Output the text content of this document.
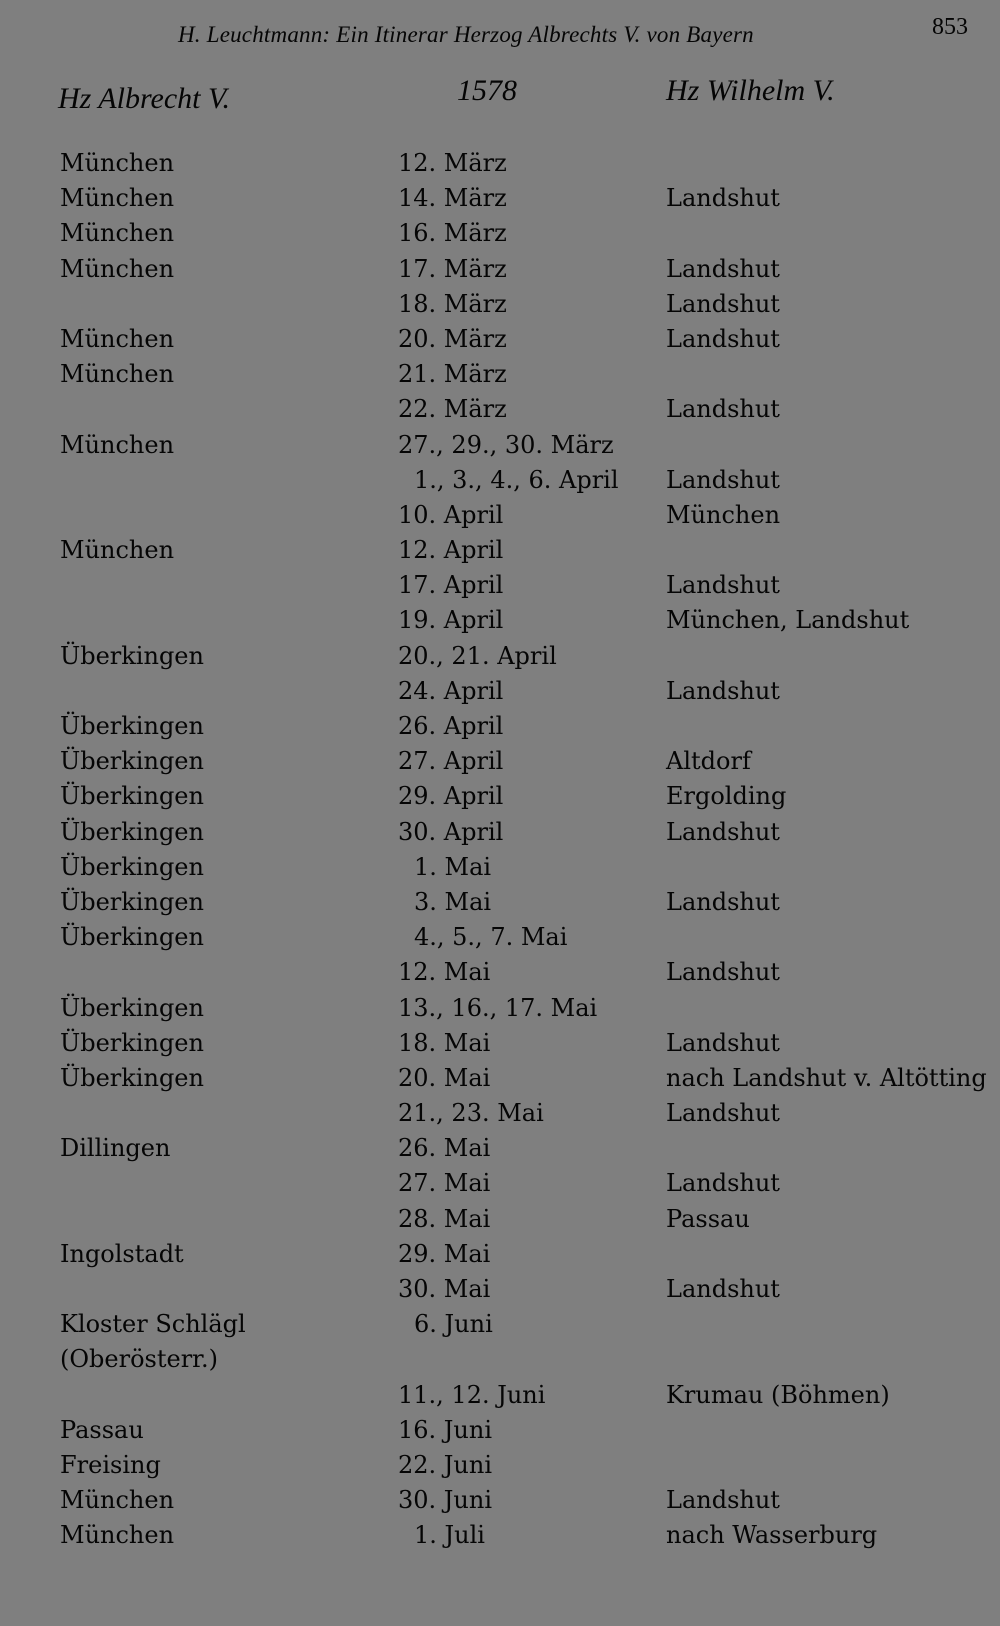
H. Leuchtmann: Ein Itinerar Herzog Albrechts V. von Bayern	853
Hz Albrecht V.	1578	Hz Wilhelm V.
München	12. März
München	14. März	Landshut
München	16. März
München	17. März	Landshut
18. März	Landshut
München	20. März	Landshut
München	21. März
22. März	Landshut
München	27., 29., 30. März
1., 3., 4., 6. April Landshut
10. April	München
München	12. April
17. April	Landshut
19. April	München, Landshut
Überkingen	20., 21. April
24. April	Landshut
Überkingen	26. April
Überkingen	27. April	Altdorf
Überkingen	29. April	Ergolding
Überkingen	30. April	Landshut
Überkingen	1. Mai
Überkingen	3. Mai	Landshut
Überkingen	4., 5., 7. Mai
12. Mai	Landshut
Überkingen	13., 16., 17. Mai
Überkingen	18. Mai	Landshut
Überkingen	20. Mai	nach Landshut v. Altötting
21., 23. Mai	Landshut
Dillingen	26. Mai
27. Mai	Landshut
28. Mai	Passau
Ingolstadt	29. Mai
30. Mai	Landshut
Kloster Schlägl	6. Juni
(Oberösterr.)
11., 12. Juni	Krumau (Böhmen)
Passau	16. Juni
Freising	22. Juni
München	30. Juni	Landshut
München	1. Juli	nach Wasserburg
